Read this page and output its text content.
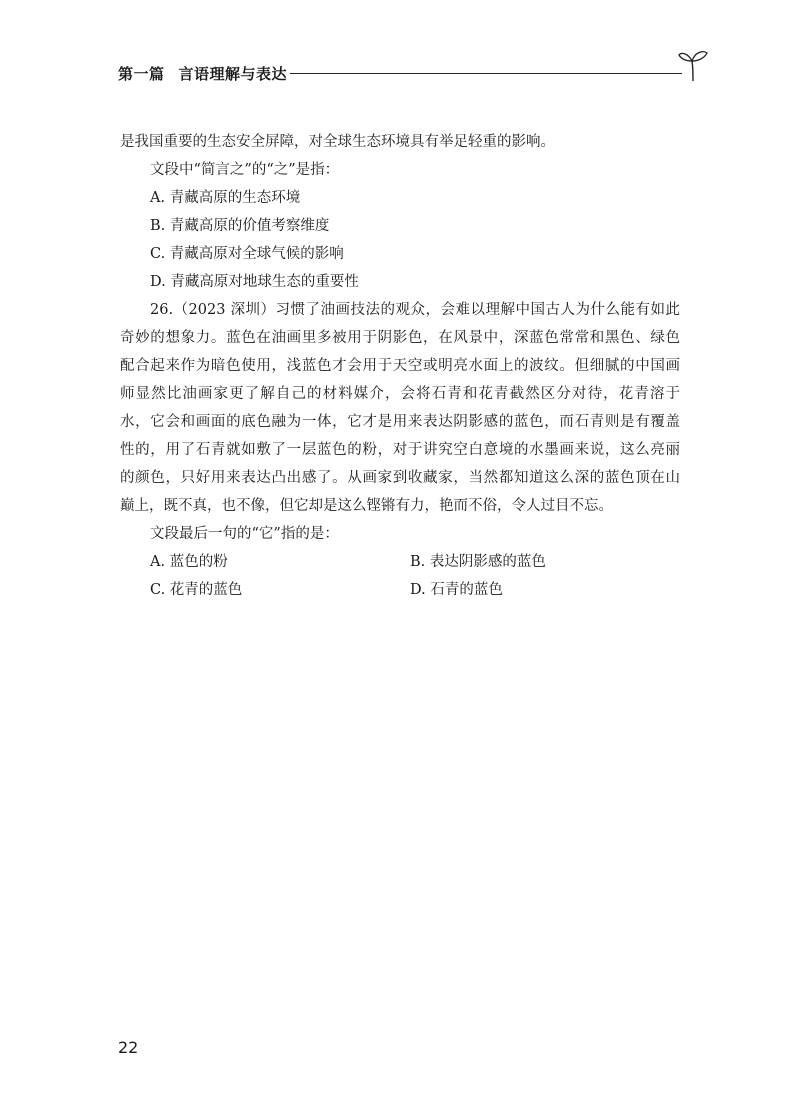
第一篇 言语理解与表达
是我国重要的生态安全屏障，对全球生态环境具有举足轻重的影响。
文段中“简言之”的“之”是指：
A. 青藏高原的生态环境
B. 青藏高原的价值考察维度
C. 青藏高原对全球气候的影响
D. 青藏高原对地球生态的重要性
26.（2023 深圳）习惯了油画技法的观众，会难以理解中国古人为什么能有如此
奇妙的想象力。蓝色在油画里多被用于阴影色，在风景中，深蓝色常常和黑色、绿色
配合起来作为暗色使用，浅蓝色才会用于天空或明亮水面上的波纹。但细腻的中国画
师显然比油画家更了解自己的材料媒介，会将石青和花青截然区分对待，花青溶于
水，它会和画面的底色融为一体，它才是用来表达阴影感的蓝色，而石青则是有覆盖
性的，用了石青就如敷了一层蓝色的粉，对于讲究空白意境的水墨画来说，这么亮丽
的颜色，只好用来表达凸出感了。从画家到收藏家，当然都知道这么深的蓝色顶在山
巅上，既不真，也不像，但它却是这么铿锵有力，艳而不俗，令人过目不忘。
文段最后一句的“它”指的是：
A. 蓝色的粉	B. 表达阴影感的蓝色
C. 花青的蓝色	D. 石青的蓝色
22
